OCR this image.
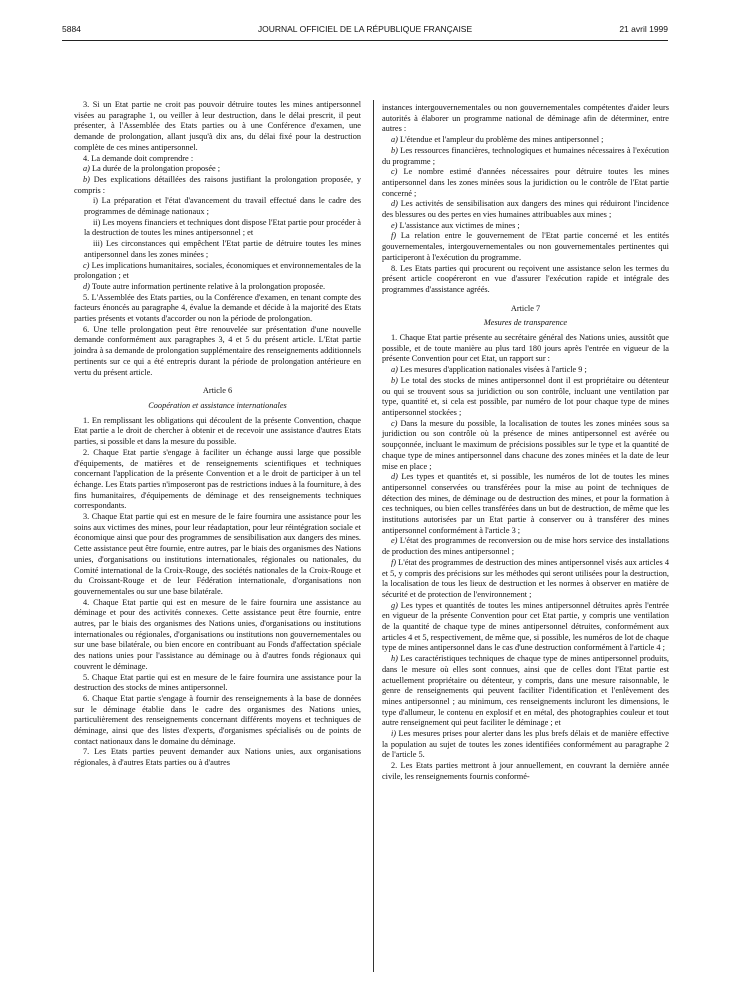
5884	JOURNAL OFFICIEL DE LA RÉPUBLIQUE FRANÇAISE	21 avril 1999

3. Si un Etat partie ne croit pas pouvoir détruire toutes les mines antipersonnel visées au paragraphe 1, ou veiller à leur destruction, dans le délai prescrit, il peut présenter, à l'Assemblée des Etats parties ou à une Conférence d'examen, une demande de prolongation, allant jusqu'à dix ans, du délai fixé pour la destruction complète de ces mines antipersonnel.

4. La demande doit comprendre :

a) La durée de la prolongation proposée ;

b) Des explications détaillées des raisons justifiant la prolongation proposée, y compris :

i) La préparation et l'état d'avancement du travail effectué dans le cadre des programmes de déminage nationaux ;

ii) Les moyens financiers et techniques dont dispose l'Etat partie pour procéder à la destruction de toutes les mines antipersonnel ; et

iii) Les circonstances qui empêchent l'Etat partie de détruire toutes les mines antipersonnel dans les zones minées ;

c) Les implications humanitaires, sociales, économiques et environnementales de la prolongation ; et

d) Toute autre information pertinente relative à la prolongation proposée.

5. L'Assemblée des Etats parties, ou la Conférence d'examen, en tenant compte des facteurs énoncés au paragraphe 4, évalue la demande et décide à la majorité des Etats parties présents et votants d'accorder ou non la période de prolongation.

6. Une telle prolongation peut être renouvelée sur présentation d'une nouvelle demande conformément aux paragraphes 3, 4 et 5 du présent article. L'Etat partie joindra à sa demande de prolongation supplémentaire des renseignements additionnels pertinents sur ce qui a été entrepris durant la période de prolongation antérieure en vertu du présent article.

Article 6

Coopération et assistance internationales

1. En remplissant les obligations qui découlent de la présente Convention, chaque Etat partie a le droit de chercher à obtenir et de recevoir une assistance d'autres Etats parties, si possible et dans la mesure du possible.

2. Chaque Etat partie s'engage à faciliter un échange aussi large que possible d'équipements, de matières et de renseignements scientifiques et techniques concernant l'application de la présente Convention et a le droit de participer à un tel échange. Les Etats parties n'imposeront pas de restrictions indues à la fourniture, à des fins humanitaires, d'équipements de déminage et des renseignements techniques correspondants.

3. Chaque Etat partie qui est en mesure de le faire fournira une assistance pour les soins aux victimes des mines, pour leur réadaptation, pour leur réintégration sociale et économique ainsi que pour des programmes de sensibilisation aux dangers des mines. Cette assistance peut être fournie, entre autres, par le biais des organismes des Nations unies, d'organisations ou institutions internationales, régionales ou nationales, du Comité international de la Croix-Rouge, des sociétés nationales de la Croix-Rouge et du Croissant-Rouge et de leur Fédération internationale, d'organisations non gouvernementales ou sur une base bilatérale.

4. Chaque Etat partie qui est en mesure de le faire fournira une assistance au déminage et pour des activités connexes. Cette assistance peut être fournie, entre autres, par le biais des organismes des Nations unies, d'organisations ou institutions internationales ou régionales, d'organisations ou institutions non gouvernementales ou sur une base bilatérale, ou bien encore en contribuant au Fonds d'affectation spéciale des nations unies pour l'assistance au déminage ou à d'autres fonds régionaux qui couvrent le déminage.

5. Chaque Etat partie qui est en mesure de le faire fournira une assistance pour la destruction des stocks de mines antipersonnel.

6. Chaque Etat partie s'engage à fournir des renseignements à la base de données sur le déminage établie dans le cadre des organismes des Nations unies, particulièrement des renseignements concernant différents moyens et techniques de déminage, ainsi que des listes d'experts, d'organismes spécialisés ou de points de contact nationaux dans le domaine du déminage.

7. Les Etats parties peuvent demander aux Nations unies, aux organisations régionales, à d'autres Etats parties ou à d'autres

instances intergouvernementales ou non gouvernementales compétentes d'aider leurs autorités à élaborer un programme national de déminage afin de déterminer, entre autres :

a) L'étendue et l'ampleur du problème des mines antipersonnel ;

b) Les ressources financières, technologiques et humaines nécessaires à l'exécution du programme ;

c) Le nombre estimé d'années nécessaires pour détruire toutes les mines antipersonnel dans les zones minées sous la juridiction ou le contrôle de l'Etat partie concerné ;

d) Les activités de sensibilisation aux dangers des mines qui réduiront l'incidence des blessures ou des pertes en vies humaines attribuables aux mines ;

e) L'assistance aux victimes de mines ;

f) La relation entre le gouvernement de l'Etat partie concerné et les entités gouvernementales, intergouvernementales ou non gouvernementales pertinentes qui participeront à l'exécution du programme.

8. Les Etats parties qui procurent ou reçoivent une assistance selon les termes du présent article coopéreront en vue d'assurer l'exécution rapide et intégrale des programmes d'assistance agréés.

Article 7

Mesures de transparence

1. Chaque Etat partie présente au secrétaire général des Nations unies, aussitôt que possible, et de toute manière au plus tard 180 jours après l'entrée en vigueur de la présente Convention pour cet Etat, un rapport sur :

a) Les mesures d'application nationales visées à l'article 9 ;

b) Le total des stocks de mines antipersonnel dont il est propriétaire ou détenteur ou qui se trouvent sous sa juridiction ou son contrôle, incluant une ventilation par type, quantité et, si cela est possible, par numéro de lot pour chaque type de mines antipersonnel stockées ;

c) Dans la mesure du possible, la localisation de toutes les zones minées sous sa juridiction ou son contrôle où la présence de mines antipersonnel est avérée ou soupçonnée, incluant le maximum de précisions possibles sur le type et la quantité de chaque type de mines antipersonnel dans chacune des zones minées et la date de leur mise en place ;

d) Les types et quantités et, si possible, les numéros de lot de toutes les mines antipersonnel conservées ou transférées pour la mise au point de techniques de détection des mines, de déminage ou de destruction des mines, et pour la formation à ces techniques, ou bien celles transférées dans un but de destruction, de même que les institutions autorisées par un Etat partie à conserver ou à transférer des mines antipersonnel conformément à l'article 3 ;

e) L'état des programmes de reconversion ou de mise hors service des installations de production des mines antipersonnel ;

f) L'état des programmes de destruction des mines antipersonnel visés aux articles 4 et 5, y compris des précisions sur les méthodes qui seront utilisées pour la destruction, la localisation de tous les lieux de destruction et les normes à observer en matière de sécurité et de protection de l'environnement ;

g) Les types et quantités de toutes les mines antipersonnel détruites après l'entrée en vigueur de la présente Convention pour cet Etat partie, y compris une ventilation de la quantité de chaque type de mines antipersonnel détruites, conformément aux articles 4 et 5, respectivement, de même que, si possible, les numéros de lot de chaque type de mines antipersonnel dans le cas d'une destruction conformément à l'article 4 ;

h) Les caractéristiques techniques de chaque type de mines antipersonnel produits, dans le mesure où elles sont connues, ainsi que de celles dont l'Etat partie est actuellement propriétaire ou détenteur, y compris, dans une mesure raisonnable, le genre de renseignements qui peuvent faciliter l'identification et l'enlèvement des mines antipersonnel ; au minimum, ces renseignements incluront les dimensions, le type d'allumeur, le contenu en explosif et en métal, des photographies couleur et tout autre renseignement qui peut faciliter le déminage ; et

i) Les mesures prises pour alerter dans les plus brefs délais et de manière effective la population au sujet de toutes les zones identifiées conformément au paragraphe 2 de l'article 5.

2. Les Etats parties mettront à jour annuellement, en couvrant la dernière année civile, les renseignements fournis conformé-
